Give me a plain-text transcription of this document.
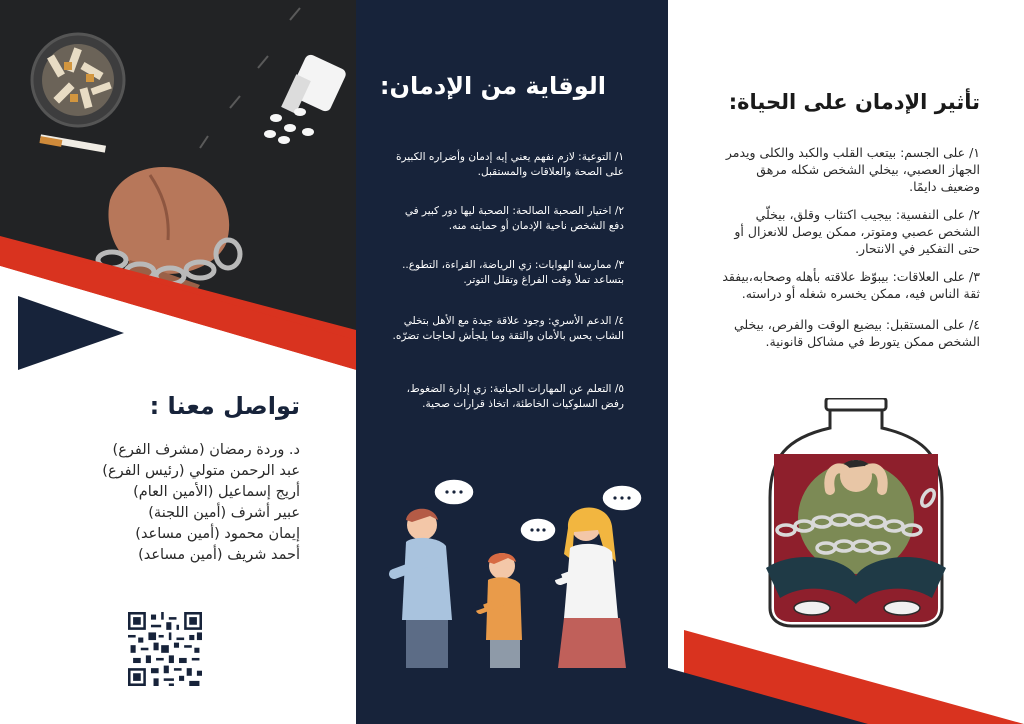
تواصل معنا :
د. وردة رمضان (مشرف الفرع)
عبد الرحمن متولي (رئيس الفرع)
أريج إسماعيل (الأمين العام)
عبير أشرف (أمين اللجنة)
إيمان محمود (أمين مساعد)
أحمد شريف (أمين مساعد)
الوقاية من الإدمان:
١/ التوعية: لازم نفهم يعني إيه إدمان وأضراره الكبيرة على الصحة والعلاقات والمستقبل.
٢/ اختيار الصحبة الصالحة: الصحبة ليها دور كبير في دفع الشخص ناحية الإدمان أو حمايته منه.
٣/ ممارسة الهوايات: زي الرياضة، القراءة، التطوع.. بتساعد تملأ وقت الفراغ وتقلل التوتر.
٤/ الدعم الأسري: وجود علاقة جيدة مع الأهل بتخلي الشاب يحس بالأمان والثقة وما يلجأش لحاجات تضرّه.
٥/ التعلم عن المهارات الحياتية: زي إدارة الضغوط، رفض السلوكيات الخاطئة، اتخاذ قرارات صحية.
تأثير الإدمان على الحياة:
١/ على الجسم: بيتعب القلب والكبد والكلى ويدمر الجهاز العصبي، بيخلي الشخص شكله مرهق وضعيف دايمًا.
٢/ على النفسية: بيجيب اكتئاب وقلق، بيخلّي الشخص عصبي ومتوتر، ممكن يوصل للانعزال أو حتى التفكير في الانتحار.
٣/ على العلاقات: بيبوّظ علاقته بأهله وصحابه،بيفقد ثقة الناس فيه، ممكن يخسره شغله أو دراسته.
٤/ على المستقبل: بيضيع الوقت والفرص، بيخلي الشخص ممكن يتورط في مشاكل قانونية.
